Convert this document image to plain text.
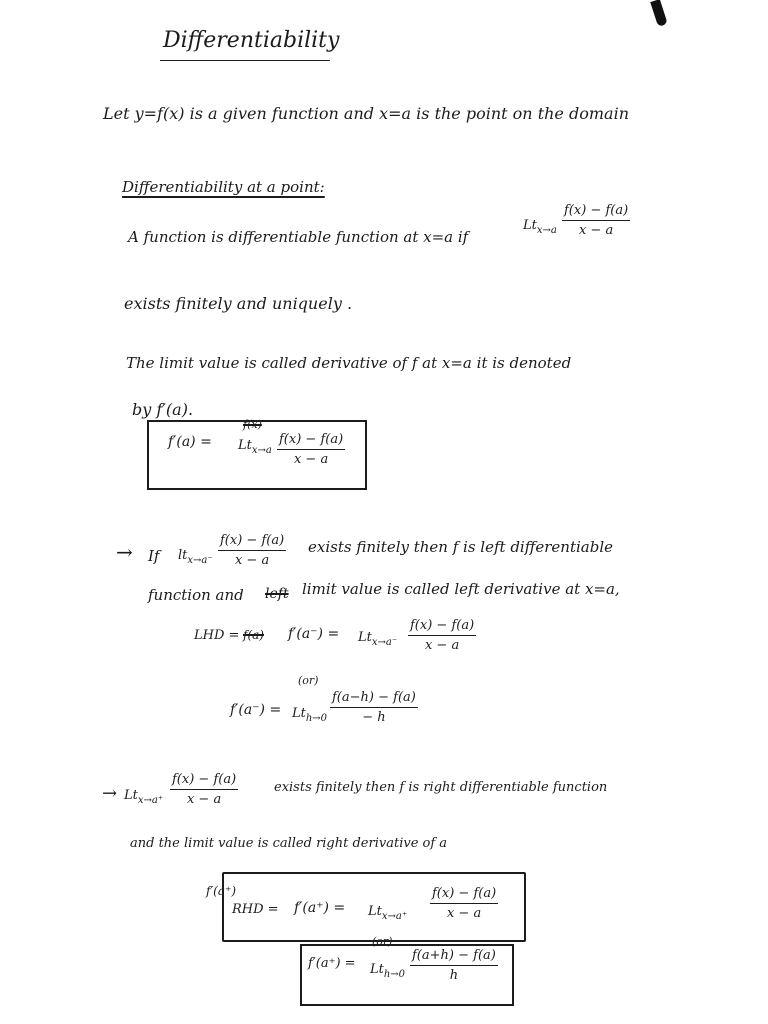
Differentiability
Let y=f(x) is a given function and x=a is the point on the domain
Differentiability at a point:
A function is differentiable function at x=a if
$Lt_{x\to a} \frac{f(x) - f(a)}{x - a}$
exists finitely and uniquely .
The limit value is called derivative of f at x=a it is denoted
by f′(a).
f′(a) =
f(x)
$Lt_{x\to a} \frac{f(x) - f(a)}{x - a}$
→ If $lt_{x\to a^-} \frac{f(x) - f(a)}{x - a}$ exists finitely then f is left differentiable
function and left limit value is called left derivative at x=a,
LHD = f(a) $f'(a^-) = Lt_{x\to a^-} \frac{f(x) - f(a)}{x - a}$
(or)
$f'(a^-) = Lt_{h\to 0} \frac{f(a-h) - f(a)}{- h}$
→ $Lt_{x\to a^+} \frac{f(x) - f(a)}{x - a}$	exists finitely then f is right differentiable function
and the limit value is called right derivative of a
f′(a⁺)
RHD = $f'(a^+) = Lt_{x\to a^+} \frac{f(x) - f(a)}{x - a}$
(or)
$f'(a^+) = Lt_{h\to 0} \frac{f(a+h) - f(a)}{h}$
